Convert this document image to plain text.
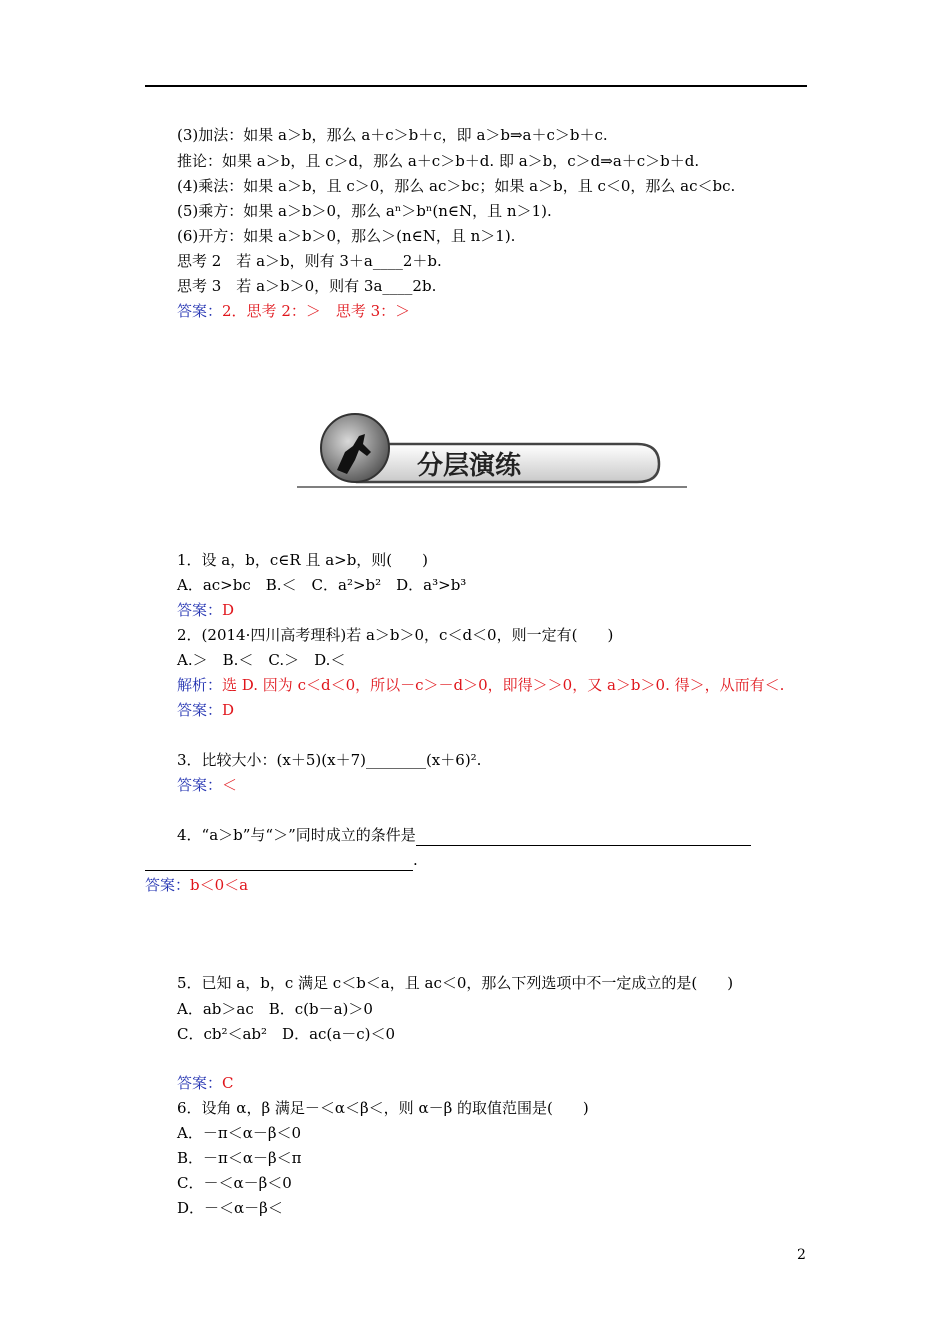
(3)加法：如果 a＞b，那么 a＋c＞b＋c，即 a＞b⇒a＋c＞b＋c.
推论：如果 a＞b，且 c＞d，那么 a＋c＞b＋d. 即 a＞b，c＞d⇒a＋c＞b＋d.
(4)乘法：如果 a＞b，且 c＞0，那么 ac＞bc；如果 a＞b，且 c＜0，那么 ac＜bc.
(5)乘方：如果 a＞b＞0，那么 aⁿ＞bⁿ(n∈N，且 n＞1).
(6)开方：如果 a＞b＞0，那么＞(n∈N，且 n＞1).
思考 2　若 a＞b，则有 3＋a____2＋b.
思考 3　若 a＞b＞0，则有 3a____2b.
答案：2．思考 2：＞　思考 3：＞
分层演练
1．设 a，b，c∈R 且 a>b，则(　　)
A．ac>bc　B.＜　C．a²>b²　D．a³>b³
答案：D
2．(2014·四川高考理科)若 a＞b＞0，c＜d＜0，则一定有(　　)
A.＞　B.＜　C.＞　D.＜
解析：选 D. 因为 c＜d＜0，所以－c＞－d＞0，即得＞＞0，又 a＞b＞0. 得＞，从而有＜.
答案：D
3．比较大小：(x＋5)(x＋7)________(x＋6)².
答案：＜
4．“a＞b”与“＞”同时成立的条件是
.
答案：b＜0＜a
5．已知 a，b，c 满足 c＜b＜a，且 ac＜0，那么下列选项中不一定成立的是(　　)
A．ab＞ac　B．c(b－a)＞0
C．cb²＜ab²　D．ac(a－c)＜0
答案：C
6．设角 α，β 满足－＜α＜β＜，则 α－β 的取值范围是(　　)
A．－π＜α－β＜0
B．－π＜α－β＜π
C．－＜α－β＜0
D．－＜α－β＜
2
